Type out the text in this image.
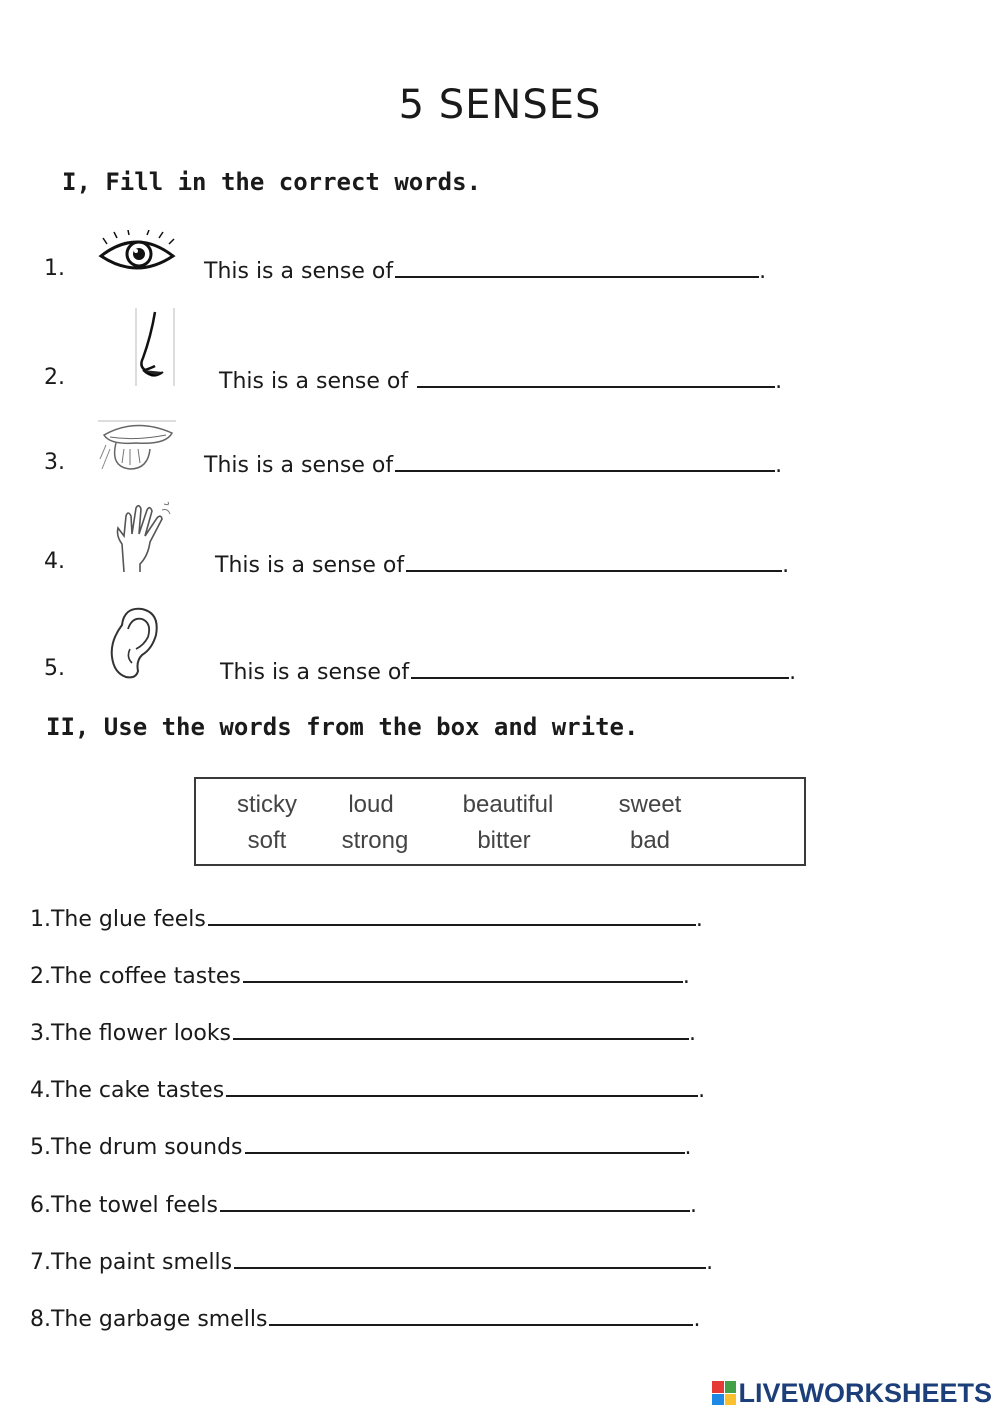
5 SENSES
I, Fill in the correct words.
1.	This is a sense of	.
2.	This is a sense of	.
3.	This is a sense of	.
4.	This is a sense of	.
5.	This is a sense of	.
II, Use the words from the box and write.
sticky	loud	beautiful	sweet
soft	strong	bitter	bad
1.The glue feels	.
2.The coffee tastes	.
3.The flower looks	.
4.The cake tastes	.
5.The drum sounds	.
6.The towel feels	.
7.The paint smells	.
8.The garbage smells	.
LIVEWORKSHEETS
